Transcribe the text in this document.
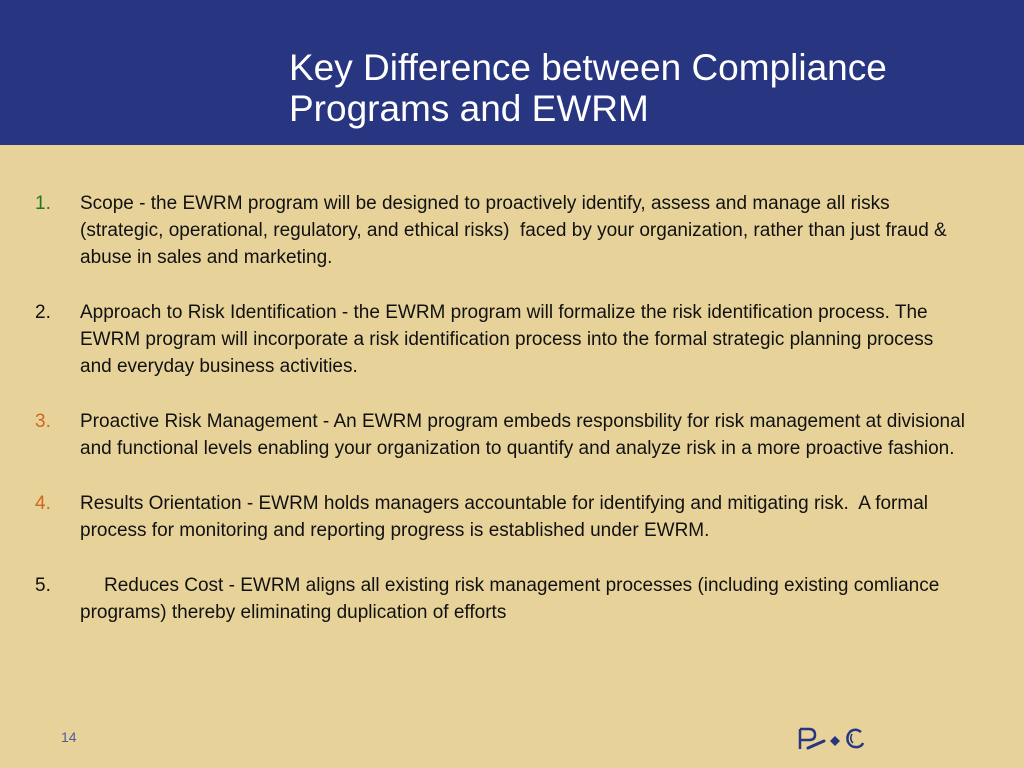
Key Difference between Compliance
Programs and EWRM
1. Scope - the EWRM program will be designed to proactively identify, assess and manage all risks (strategic, operational, regulatory, and ethical risks)  faced by your organization, rather than just fraud & abuse in sales and marketing.

2. Approach to Risk Identification - the EWRM program will formalize the risk identification process. The EWRM program will incorporate a risk identification process into the formal strategic planning process and everyday business activities.

3. Proactive Risk Management - An EWRM program embeds responsbility for risk management at divisional and functional levels enabling your organization to quantify and analyze risk in a more proactive fashion.

4. Results Orientation - EWRM holds managers accountable for identifying and mitigating risk.  A formal process for monitoring and reporting progress is established under EWRM.

5.	Reduces Cost - EWRM aligns all existing risk management processes (including existing comliance programs) thereby eliminating duplication of efforts

14
